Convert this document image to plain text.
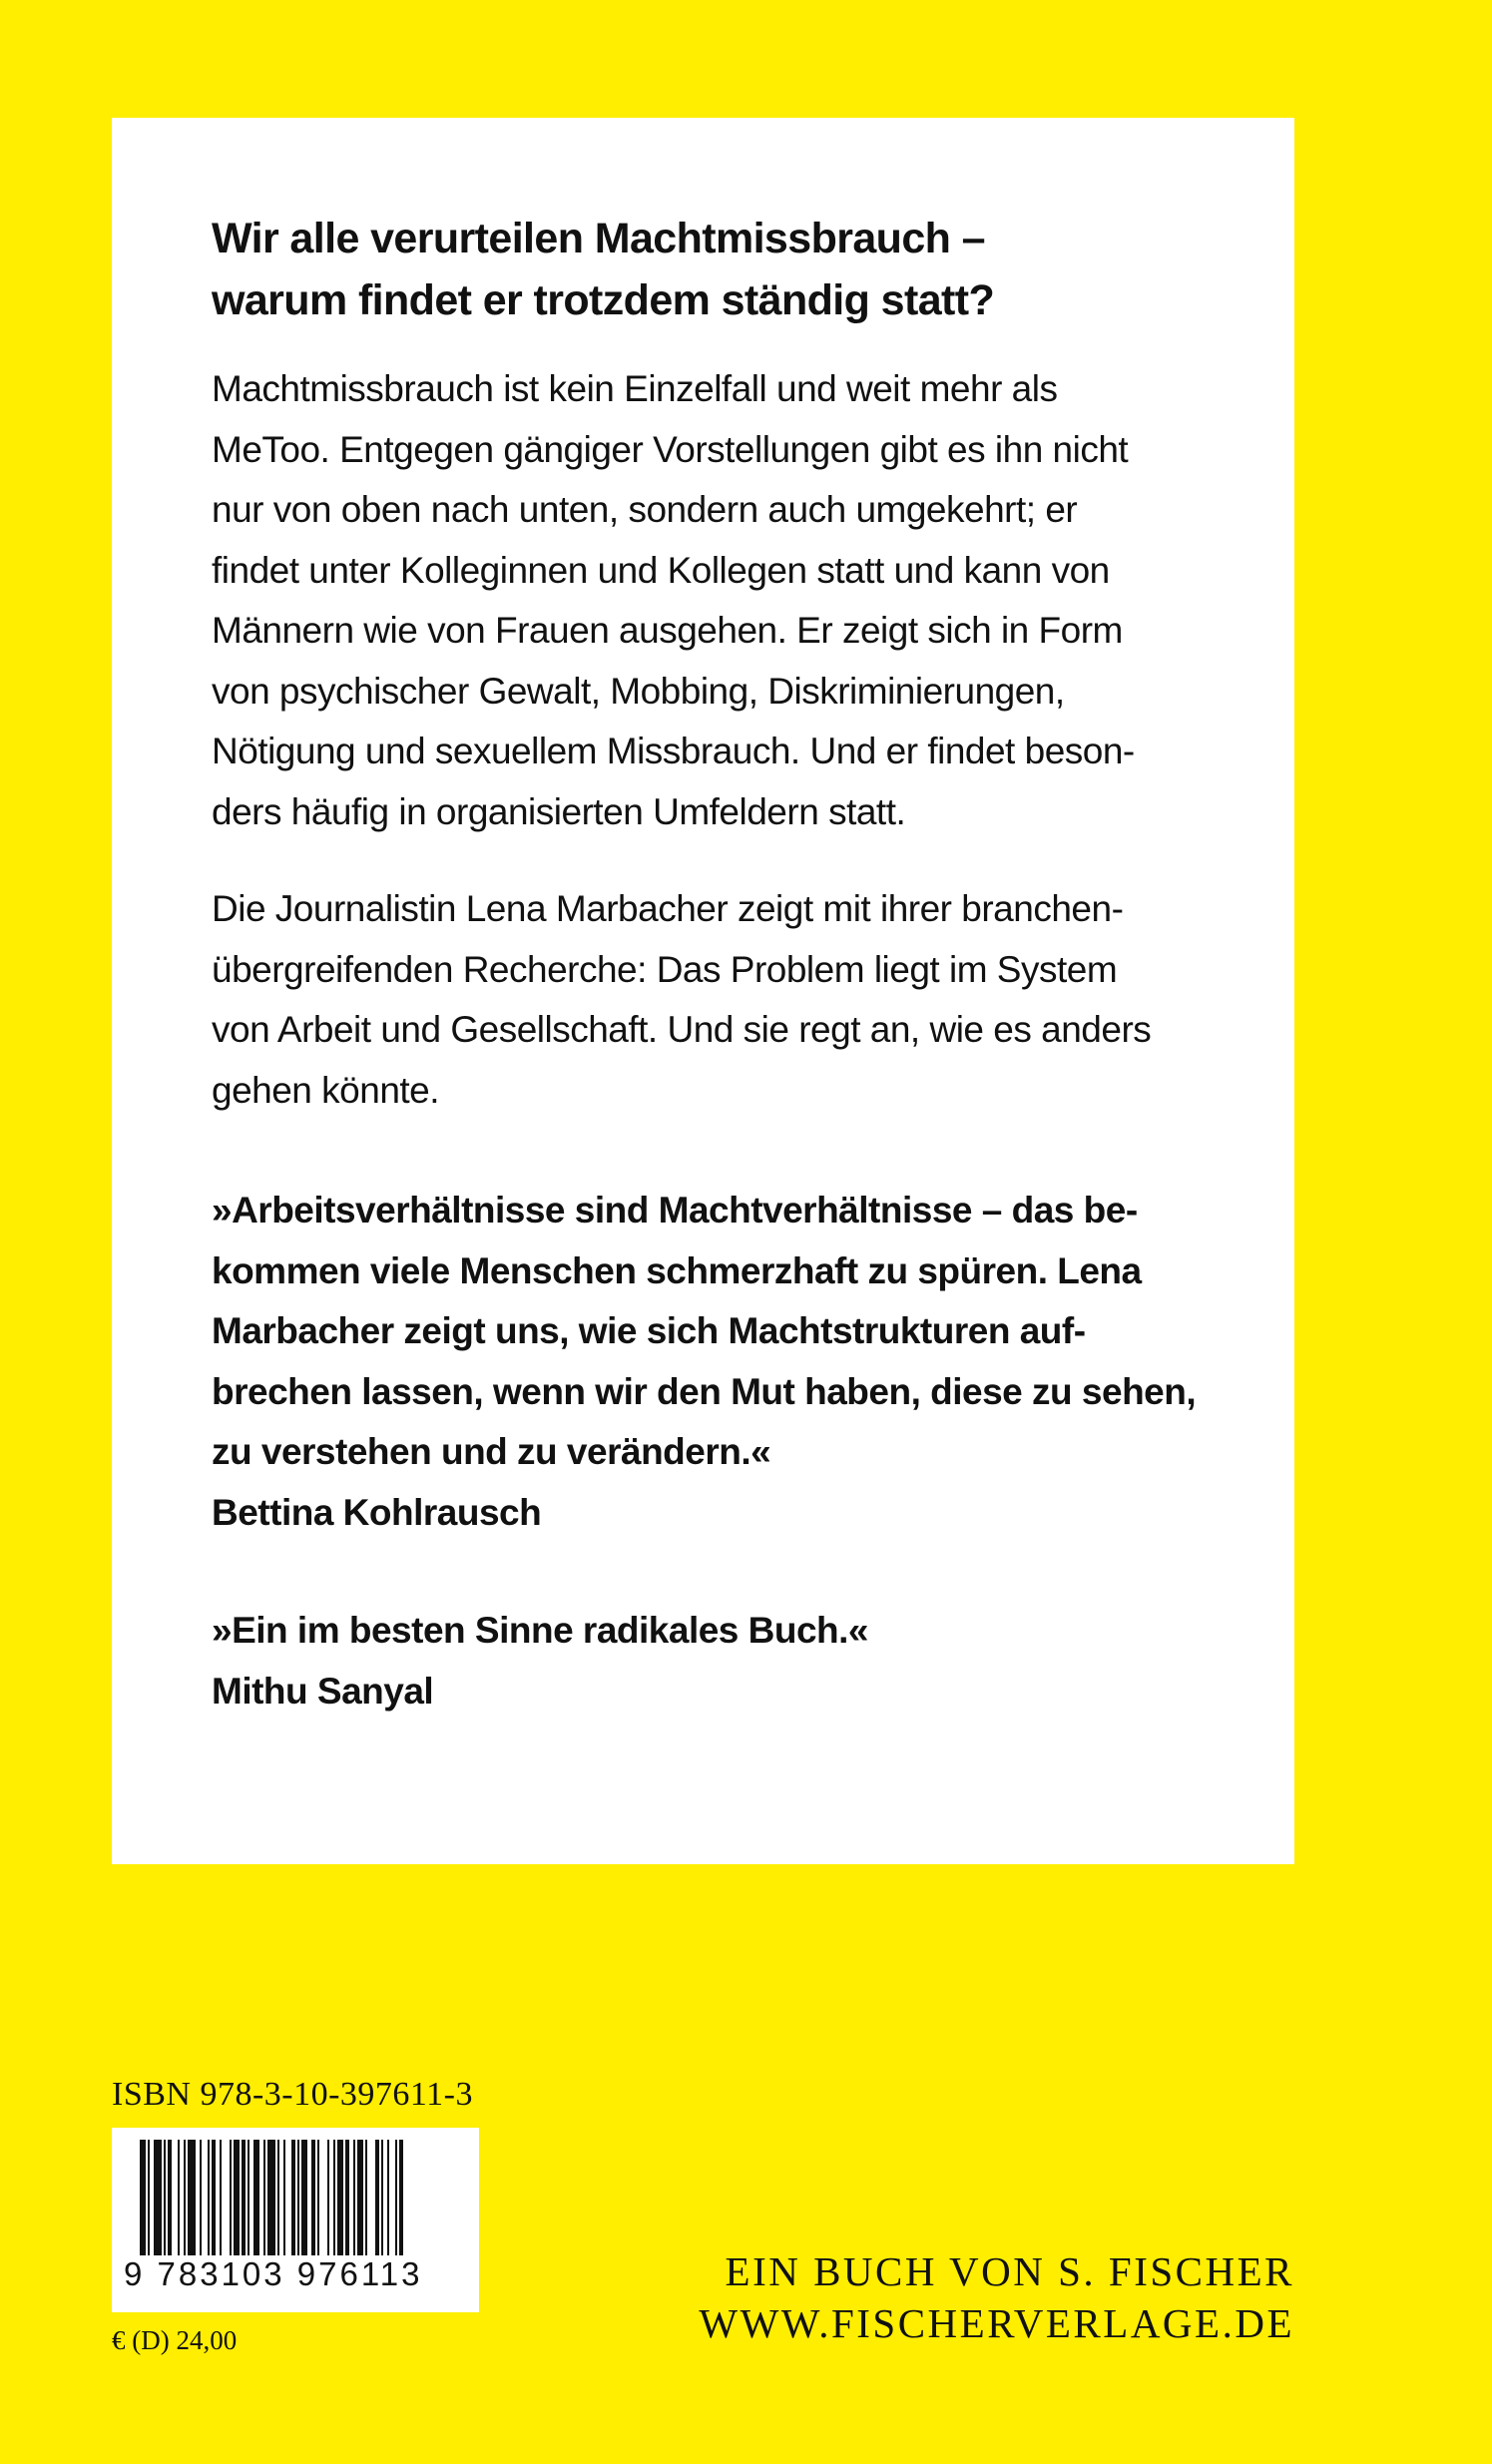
Wir alle verurteilen Machtmissbrauch –
warum findet er trotzdem ständig statt?
Machtmissbrauch ist kein Einzelfall und weit mehr als
MeToo. Entgegen gängiger Vorstellungen gibt es ihn nicht
nur von oben nach unten, sondern auch umgekehrt; er
findet unter Kolleginnen und Kollegen statt und kann von
Männern wie von Frauen ausgehen. Er zeigt sich in Form
von psychischer Gewalt, Mobbing, Diskriminierungen,
Nötigung und sexuellem Missbrauch. Und er findet beson-
ders häufig in organisierten Umfeldern statt.
Die Journalistin Lena Marbacher zeigt mit ihrer branchen-
übergreifenden Recherche: Das Problem liegt im System
von Arbeit und Gesellschaft. Und sie regt an, wie es anders
gehen könnte.
»Arbeitsverhältnisse sind Machtverhältnisse – das be-
kommen viele Menschen schmerzhaft zu spüren. Lena
Marbacher zeigt uns, wie sich Machtstrukturen auf-
brechen lassen, wenn wir den Mut haben, diese zu sehen,
zu verstehen und zu verändern.«
Bettina Kohlrausch
»Ein im besten Sinne radikales Buch.«
Mithu Sanyal
ISBN 978-3-10-397611-3
9 783103 976113
€ (D) 24,00
EIN BUCH VON S. FISCHER
WWW.FISCHERVERLAGE.DE
